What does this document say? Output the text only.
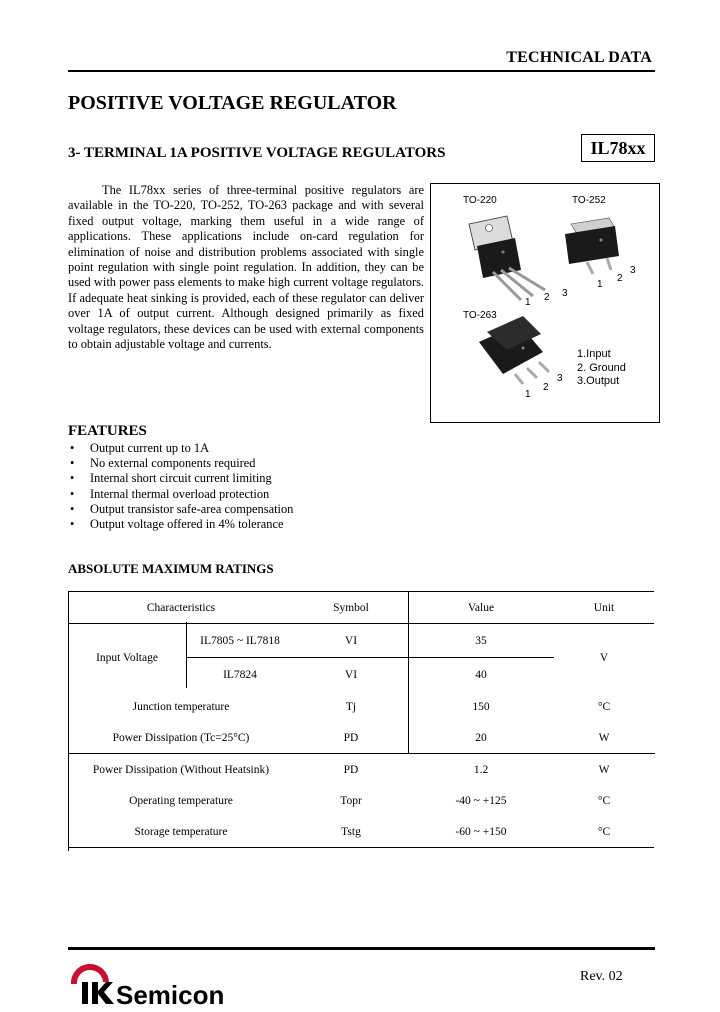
TECHNICAL DATA
POSITIVE VOLTAGE REGULATOR
3- TERMINAL 1A POSITIVE VOLTAGE REGULATORS	IL78xx
The IL78xx series of three-terminal positive regulators are available in the TO-220, TO-252, TO-263 package and with several fixed output voltage, marking them useful in a wide range of applications. These applications include on-card regulation for elimination of noise and distribution problems associated with single point regulation with single point regulation. In addition, they can be used with power pass elements to make high current voltage regulators. If adequate heat sinking is provided, each of these regulator can deliver over 1A of output current. Although designed primarily as fixed voltage regulators, these devices can be used with external components to obtain adjustable voltage and currents.
TO-220	TO-252
TO-263
1 2 3
1
2
3
1
2
3
1.Input
2. Ground
3.Output
FEATURES
• Output current up to 1A
• No external components required
• Internal short circuit current limiting
• Internal thermal overload protection
• Output transistor safe-area compensation
• Output voltage offered in 4% tolerance
ABSOLUTE MAXIMUM RATINGS
Characteristics		Symbol	Value	Unit
Input Voltage	IL7805 ~ IL7818	VI	35	V
	IL7824	VI	40	
Junction temperature		Tj	150	°C
Power Dissipation (Tc=25°C)		PD	20	W
Power Dissipation (Without Heatsink)		PD	1.2	W
Operating temperature		Topr	-40 ~ +125	°C
Storage temperature		Tstg	-60 ~ +150	°C
Semicon
Rev. 02
